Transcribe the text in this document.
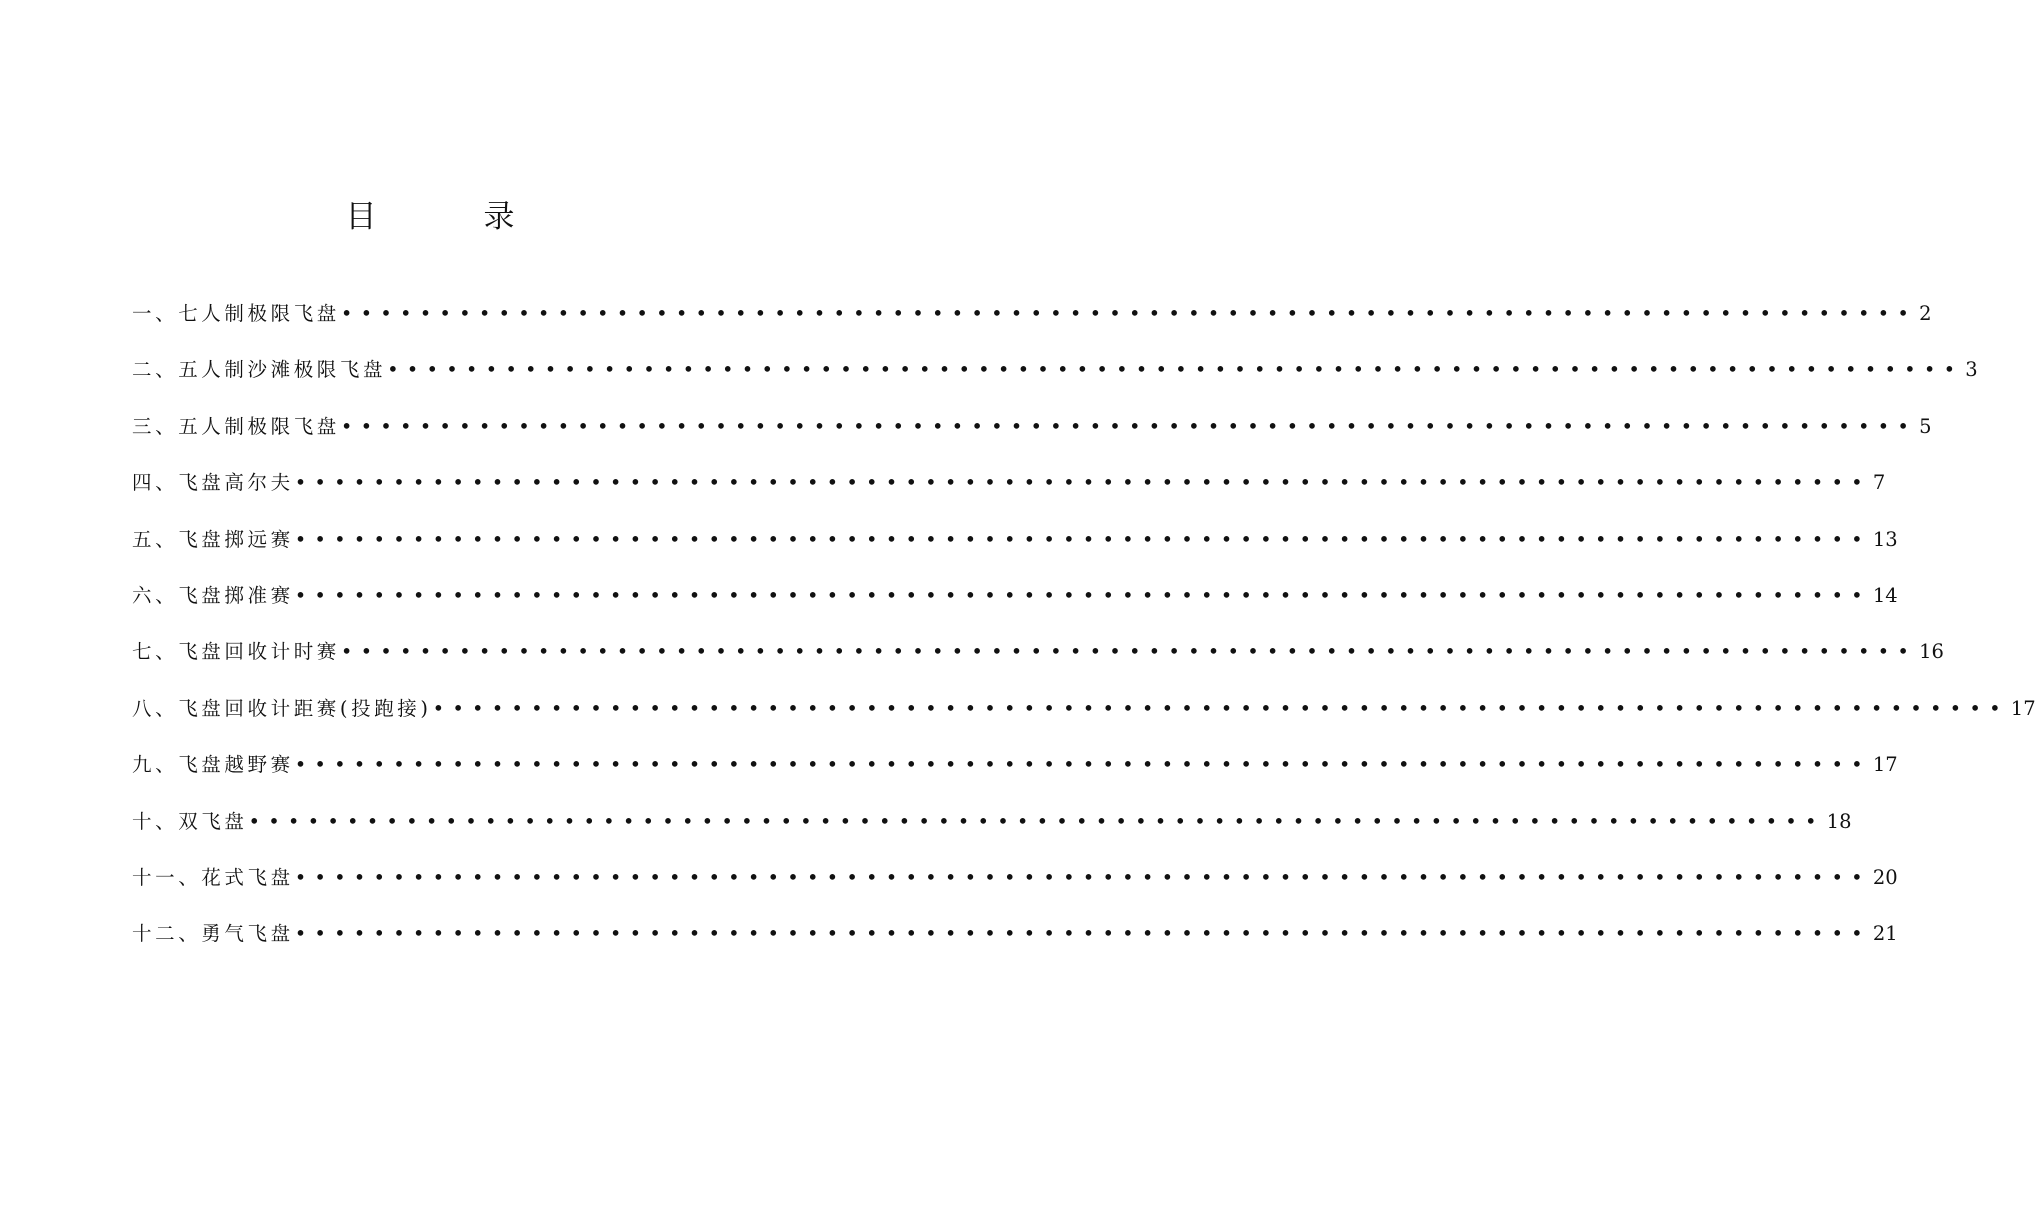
目　录
一、七人制极限飞盘 •••••••••••••••••••••••••••••••••••••••••••••••••••••••••••••••••••••••••••••••• 2
二、五人制沙滩极限飞盘 •••••••••••••••••••••••••••••••••••••••••••••••••••••••••••••••••••••••••••••••• 3
三、五人制极限飞盘 •••••••••••••••••••••••••••••••••••••••••••••••••••••••••••••••••••••••••••••••• 5
四、飞盘高尔夫 •••••••••••••••••••••••••••••••••••••••••••••••••••••••••••••••••••••••••••••••• 7
五、飞盘掷远赛 •••••••••••••••••••••••••••••••••••••••••••••••••••••••••••••••••••••••••••••••• 13
六、飞盘掷准赛 •••••••••••••••••••••••••••••••••••••••••••••••••••••••••••••••••••••••••••••••• 14
七、飞盘回收计时赛 •••••••••••••••••••••••••••••••••••••••••••••••••••••••••••••••••••••••••••••••• 16
八、飞盘回收计距赛(投跑接) •••••••••••••••••••••••••••••••••••••••••••••••••••••••••••••••••••••••••••••••• 17
九、飞盘越野赛 •••••••••••••••••••••••••••••••••••••••••••••••••••••••••••••••••••••••••••••••• 17
十、双飞盘 •••••••••••••••••••••••••••••••••••••••••••••••••••••••••••••••••••••••••••••••• 18
十一、花式飞盘 •••••••••••••••••••••••••••••••••••••••••••••••••••••••••••••••••••••••••••••••• 20
十二、勇气飞盘 •••••••••••••••••••••••••••••••••••••••••••••••••••••••••••••••••••••••••••••••• 21
